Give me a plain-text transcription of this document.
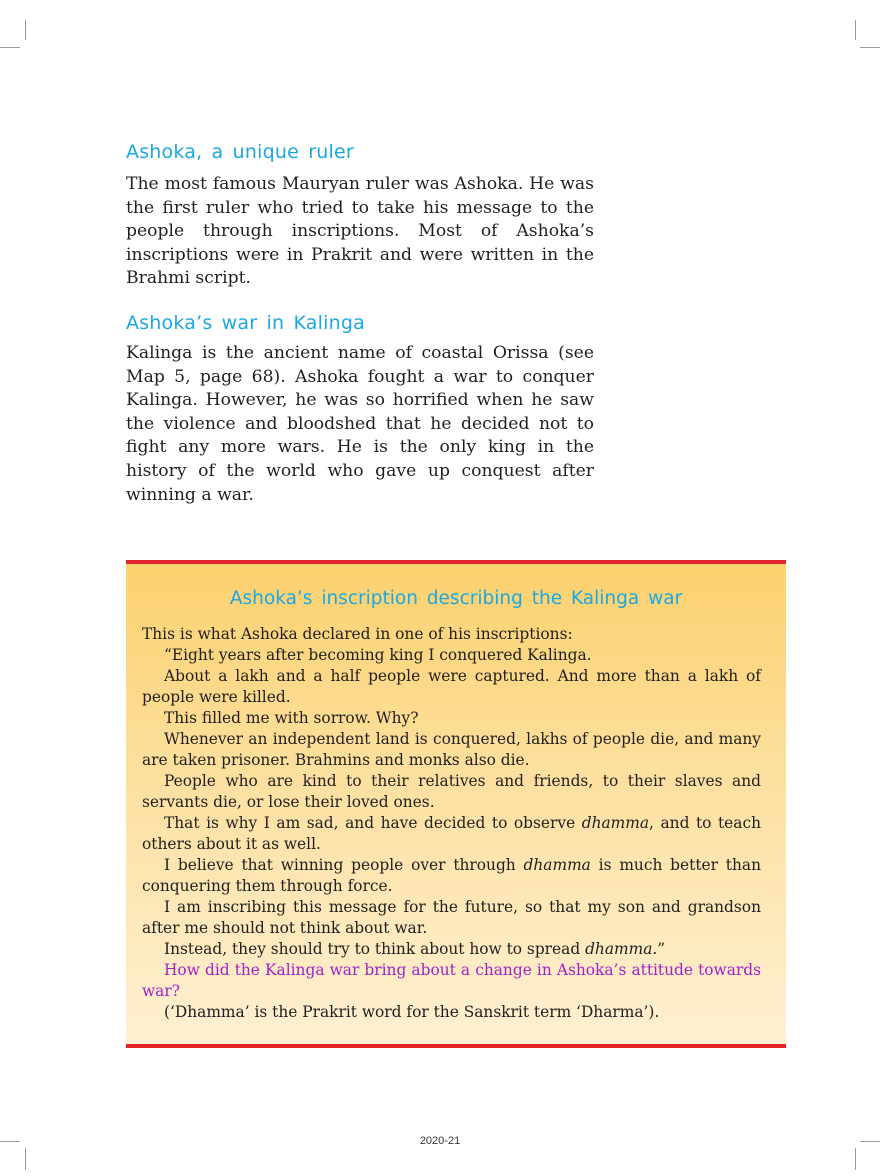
Ashoka, a unique ruler

The most famous Mauryan ruler was Ashoka. He was the first ruler who tried to take his message to the people through inscriptions. Most of Ashoka’s inscriptions were in Prakrit and were written in the Brahmi script.

Ashoka’s war in Kalinga

Kalinga is the ancient name of coastal Orissa (see Map 5, page 68). Ashoka fought a war to conquer Kalinga. However, he was so horrified when he saw the violence and bloodshed that he decided not to fight any more wars. He is the only king in the history of the world who gave up conquest after winning a war.

Ashoka’s inscription describing the Kalinga war

This is what Ashoka declared in one of his inscriptions:

“Eight years after becoming king I conquered Kalinga.

About a lakh and a half people were captured. And more than a lakh of people were killed.

This filled me with sorrow. Why?

Whenever an independent land is conquered, lakhs of people die, and many are taken prisoner. Brahmins and monks also die.

People who are kind to their relatives and friends, to their slaves and servants die, or lose their loved ones.

That is why I am sad, and have decided to observe dhamma, and to teach others about it as well.

I believe that winning people over through dhamma is much better than conquering them through force.

I am inscribing this message for the future, so that my son and grandson after me should not think about war.

Instead, they should try to think about how to spread dhamma.”

How did the Kalinga war bring about a change in Ashoka’s attitude towards war?

(‘Dhamma’ is the Prakrit word for the Sanskrit term ‘Dharma’).

2020-21
